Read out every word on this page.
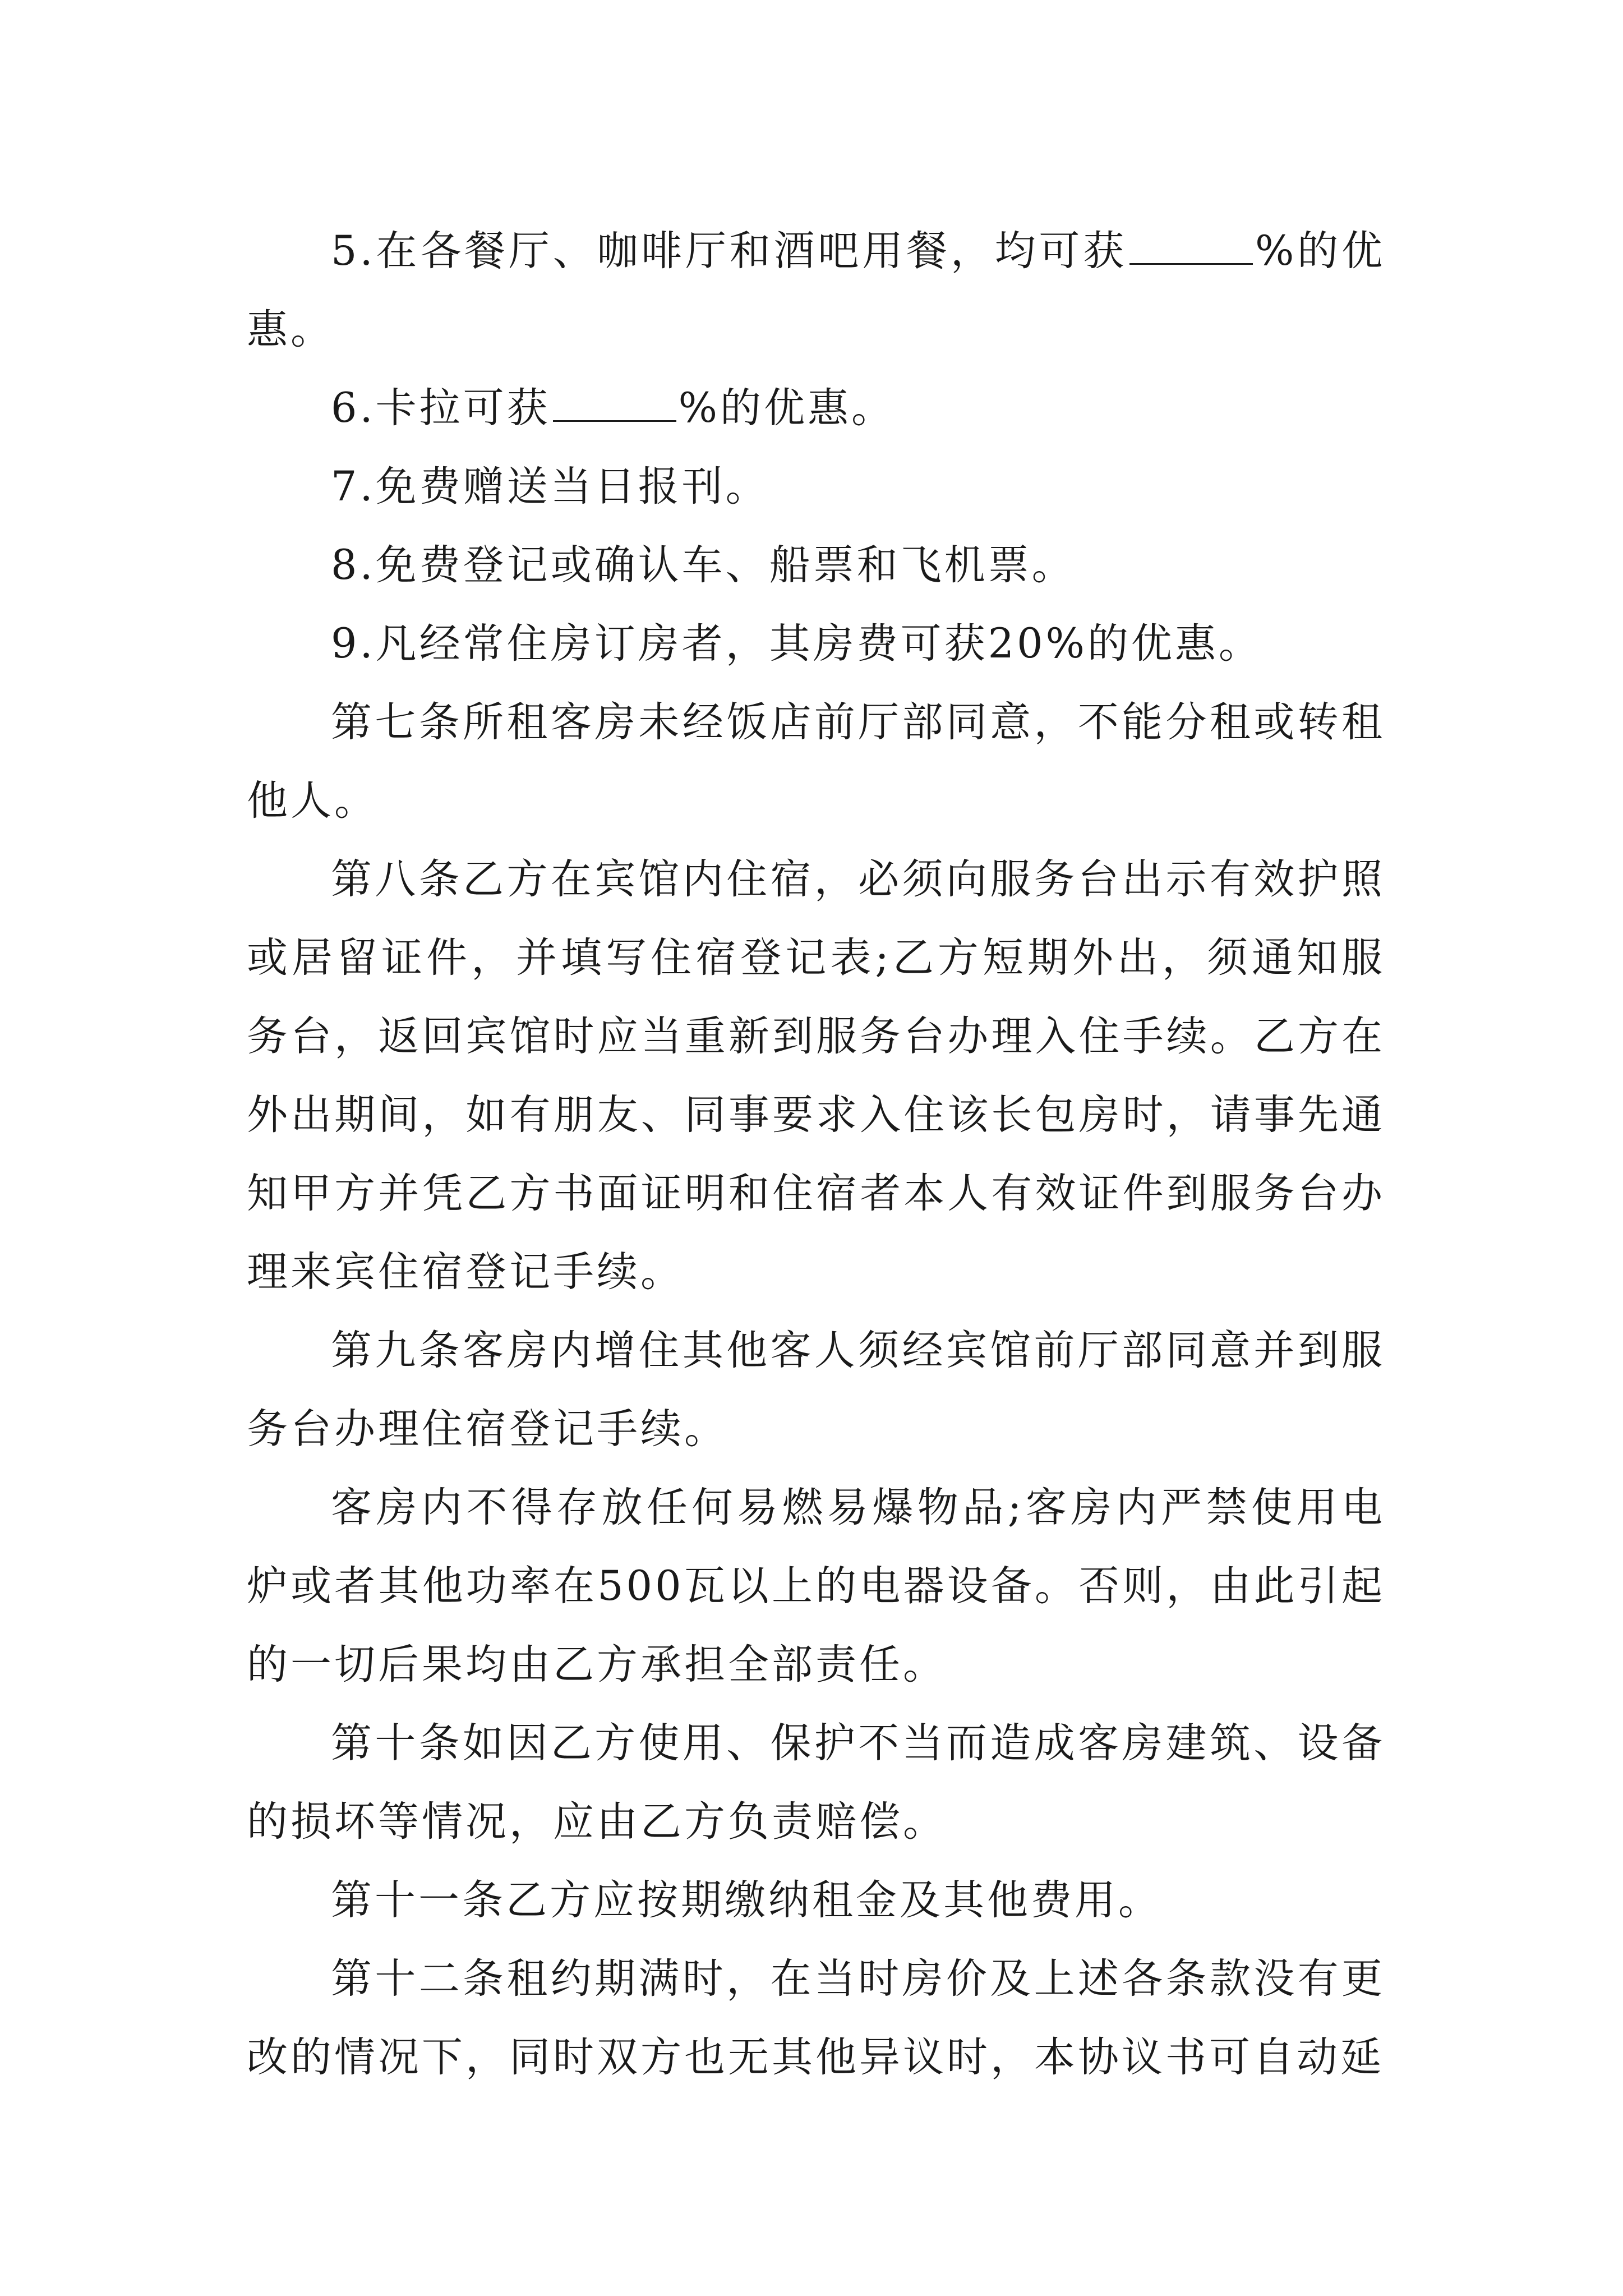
5.在各餐厅、咖啡厅和酒吧用餐，均可获	%的优惠。

6.卡拉可获	%的优惠。

7.免费赠送当日报刊。

8.免费登记或确认车、船票和飞机票。

9.凡经常住房订房者，其房费可获20%的优惠。

第七条所租客房未经饭店前厅部同意，不能分租或转租他人。

第八条乙方在宾馆内住宿，必须向服务台出示有效护照或居留证件，并填写住宿登记表;乙方短期外出，须通知服务台，返回宾馆时应当重新到服务台办理入住手续。乙方在外出期间，如有朋友、同事要求入住该长包房时，请事先通知甲方并凭乙方书面证明和住宿者本人有效证件到服务台办理来宾住宿登记手续。

第九条客房内增住其他客人须经宾馆前厅部同意并到服务台办理住宿登记手续。

客房内不得存放任何易燃易爆物品;客房内严禁使用电炉或者其他功率在500瓦以上的电器设备。否则，由此引起的一切后果均由乙方承担全部责任。

第十条如因乙方使用、保护不当而造成客房建筑、设备的损坏等情况，应由乙方负责赔偿。

第十一条乙方应按期缴纳租金及其他费用。

第十二条租约期满时，在当时房价及上述各条款没有更改的情况下，同时双方也无其他异议时，本协议书可自动延
